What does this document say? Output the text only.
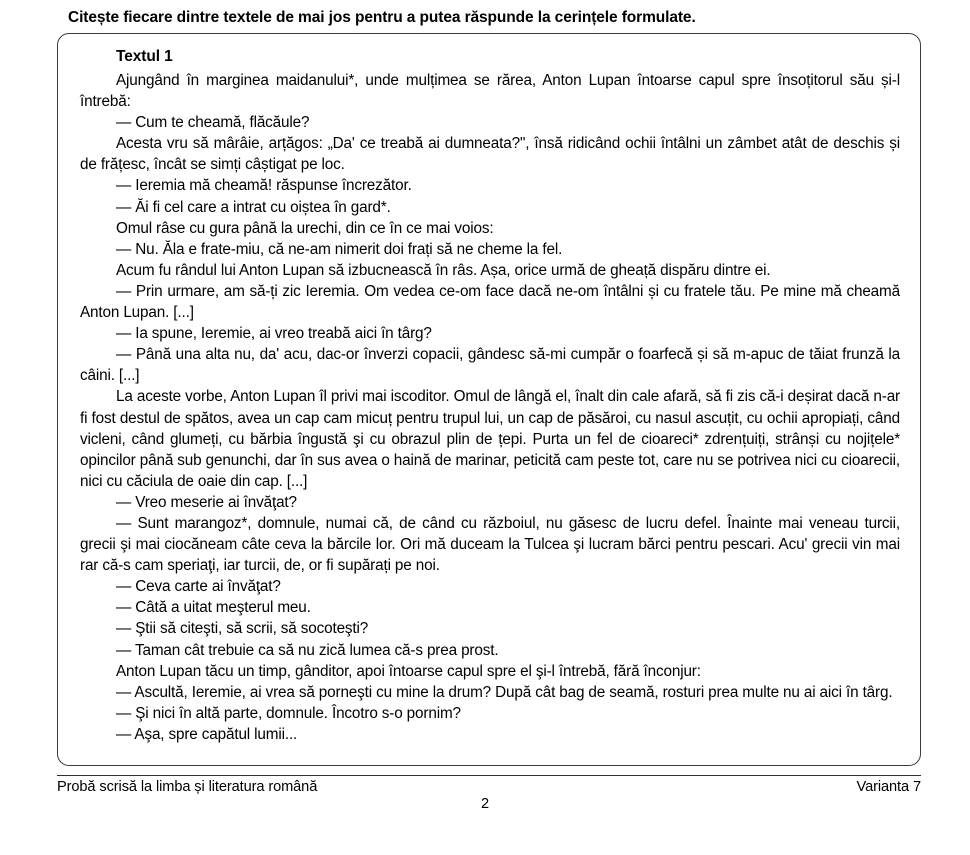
Citește fiecare dintre textele de mai jos pentru a putea răspunde la cerințele formulate.
Textul 1

Ajungând în marginea maidanului*, unde mulțimea se rărea, Anton Lupan întoarse capul spre însoțitorul său și-l întrebă:

— Cum te cheamă, flăcăule?

Acesta vru să mârâie, arțăgos: „Da' ce treabă ai dumneata?", însă ridicând ochii întâlni un zâmbet atât de deschis și de frățesc, încât se simți câștigat pe loc.

— Ieremia mă cheamă! răspunse încrezător.

— Ăi fi cel care a intrat cu oiștea în gard*.

Omul râse cu gura până la urechi, din ce în ce mai voios:

— Nu. Ăla e frate-miu, că ne-am nimerit doi frați să ne cheme la fel.

Acum fu rândul lui Anton Lupan să izbucnească în râs. Așa, orice urmă de gheață dispăru dintre ei.

— Prin urmare, am să-ți zic Ieremia. Om vedea ce-om face dacă ne-om întâlni și cu fratele tău. Pe mine mă cheamă Anton Lupan. [...]

— Ia spune, Ieremie, ai vreo treabă aici în târg?

— Până una alta nu, da' acu, dac-or înverzi copacii, gândesc să-mi cumpăr o foarfecă și să m-apuc de tăiat frunză la câini. [...]

La aceste vorbe, Anton Lupan îl privi mai iscoditor. Omul de lângă el, înalt din cale afară, să fi zis că-i deșirat dacă n-ar fi fost destul de spătos, avea un cap cam micuț pentru trupul lui, un cap de păsăroi, cu nasul ascuțit, cu ochii apropiați, când vicleni, când glumeți, cu bărbia îngustă şi cu obrazul plin de țepi. Purta un fel de cioareci* zdrențuiți, strânși cu nojițele* opincilor până sub genunchi, dar în sus avea o haină de marinar, peticită cam peste tot, care nu se potrivea nici cu cioarecii, nici cu căciula de oaie din cap. [...]

— Vreo meserie ai învăţat?

— Sunt marangoz*, domnule, numai că, de când cu războiul, nu găsesc de lucru defel. Înainte mai veneau turcii, grecii şi mai ciocăneam câte ceva la bărcile lor. Ori mă duceam la Tulcea şi lucram bărci pentru pescari. Acu' grecii vin mai rar că-s cam speriaţi, iar turcii, de, or fi supărați pe noi.

— Ceva carte ai învăţat?

— Câtă a uitat meşterul meu.

— Ştii să citeşti, să scrii, să socoteşti?

— Taman cât trebuie ca să nu zică lumea că-s prea prost.

Anton Lupan tăcu un timp, gânditor, apoi întoarse capul spre el şi-l întrebă, fără înconjur:

— Ascultă, Ieremie, ai vrea să porneşti cu mine la drum? După cât bag de seamă, rosturi prea multe nu ai aici în târg.

— Şi nici în altă parte, domnule. Încotro s-o pornim?

— Aşa, spre capătul lumii...

Probă scrisă la limba și literatura română	Varianta 7
2
